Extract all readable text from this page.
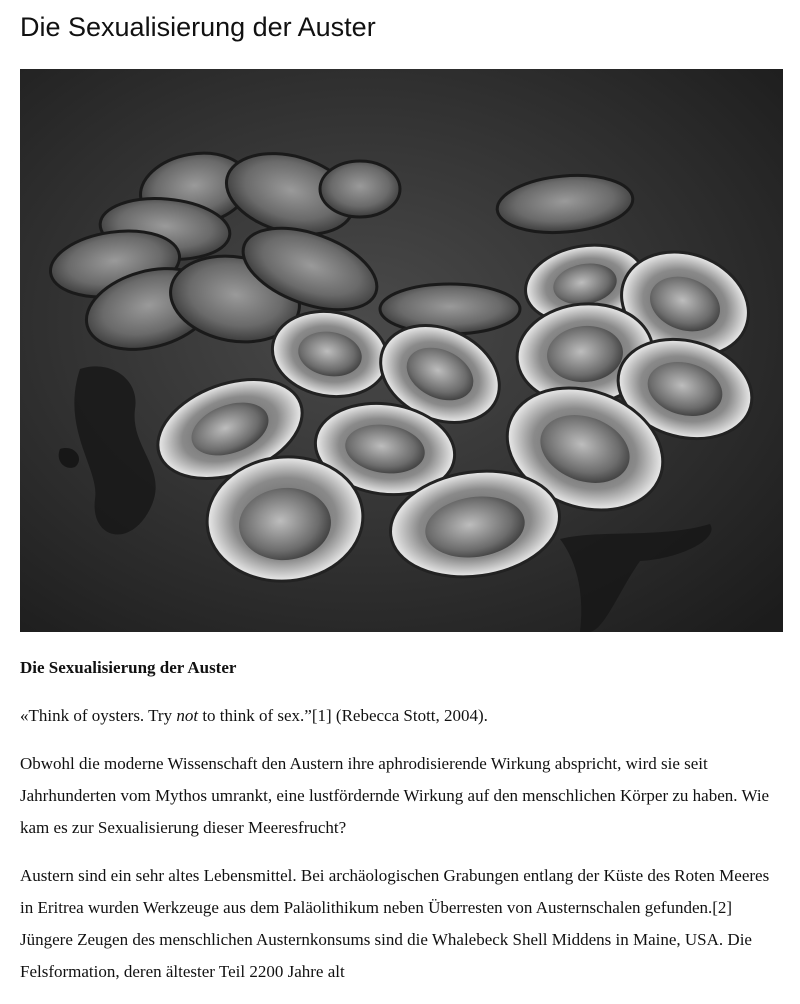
Die Sexualisierung der Auster

Die Sexualisierung der Auster

«Think of oysters. Try not to think of sex.”[1] (Rebecca Stott, 2004).

Obwohl die moderne Wissenschaft den Austern ihre aphrodisierende Wirkung abspricht, wird sie seit Jahrhunderten vom Mythos umrankt, eine lustfördernde Wirkung auf den menschlichen Körper zu haben. Wie kam es zur Sexualisierung dieser Meeresfrucht?

Austern sind ein sehr altes Lebensmittel. Bei archäologischen Grabungen entlang der Küste des Roten Meeres in Eritrea wurden Werkzeuge aus dem Paläolithikum neben Überresten von Austernschalen gefunden.[2] Jüngere Zeugen des menschlichen Austernkonsums sind die Whalebeck Shell Middens in Maine, USA. Die Felsformation, deren ältester Teil 2200 Jahre alt
